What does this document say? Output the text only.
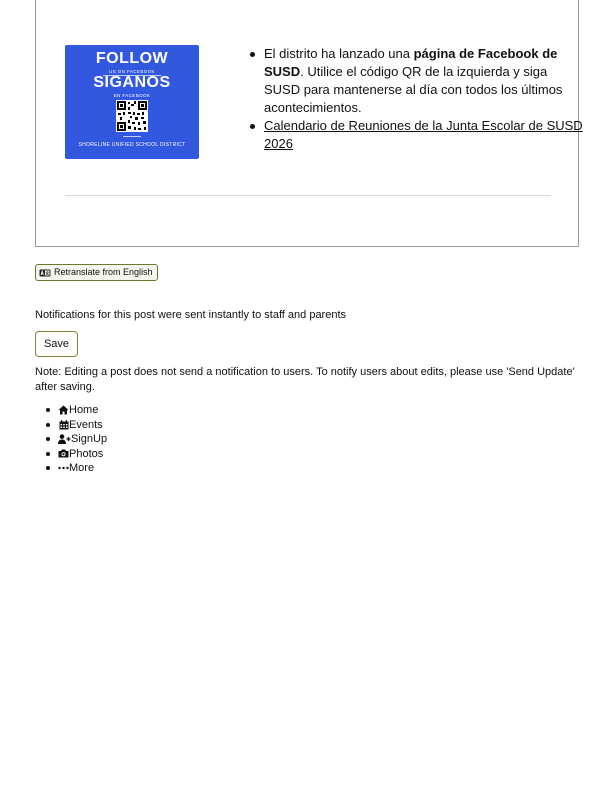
FOLLOW
US ON FACEBOOK
SIGANOS
EN FACEBOOK
SHORELINE UNIFIED SCHOOL DISTRICT
El distrito ha lanzado una página de Facebook de SUSD. Utilice el código QR de la izquierda y siga SUSD para mantenerse al día con todos los últimos acontecimientos.
Calendario de Reuniones de la Junta Escolar de SUSD 2026
Retranslate from English
Notifications for this post were sent instantly to staff and parents
Save
Note: Editing a post does not send a notification to users. To notify users about edits, please use 'Send Update' after saving.
Home
Events
SignUp
Photos
More
